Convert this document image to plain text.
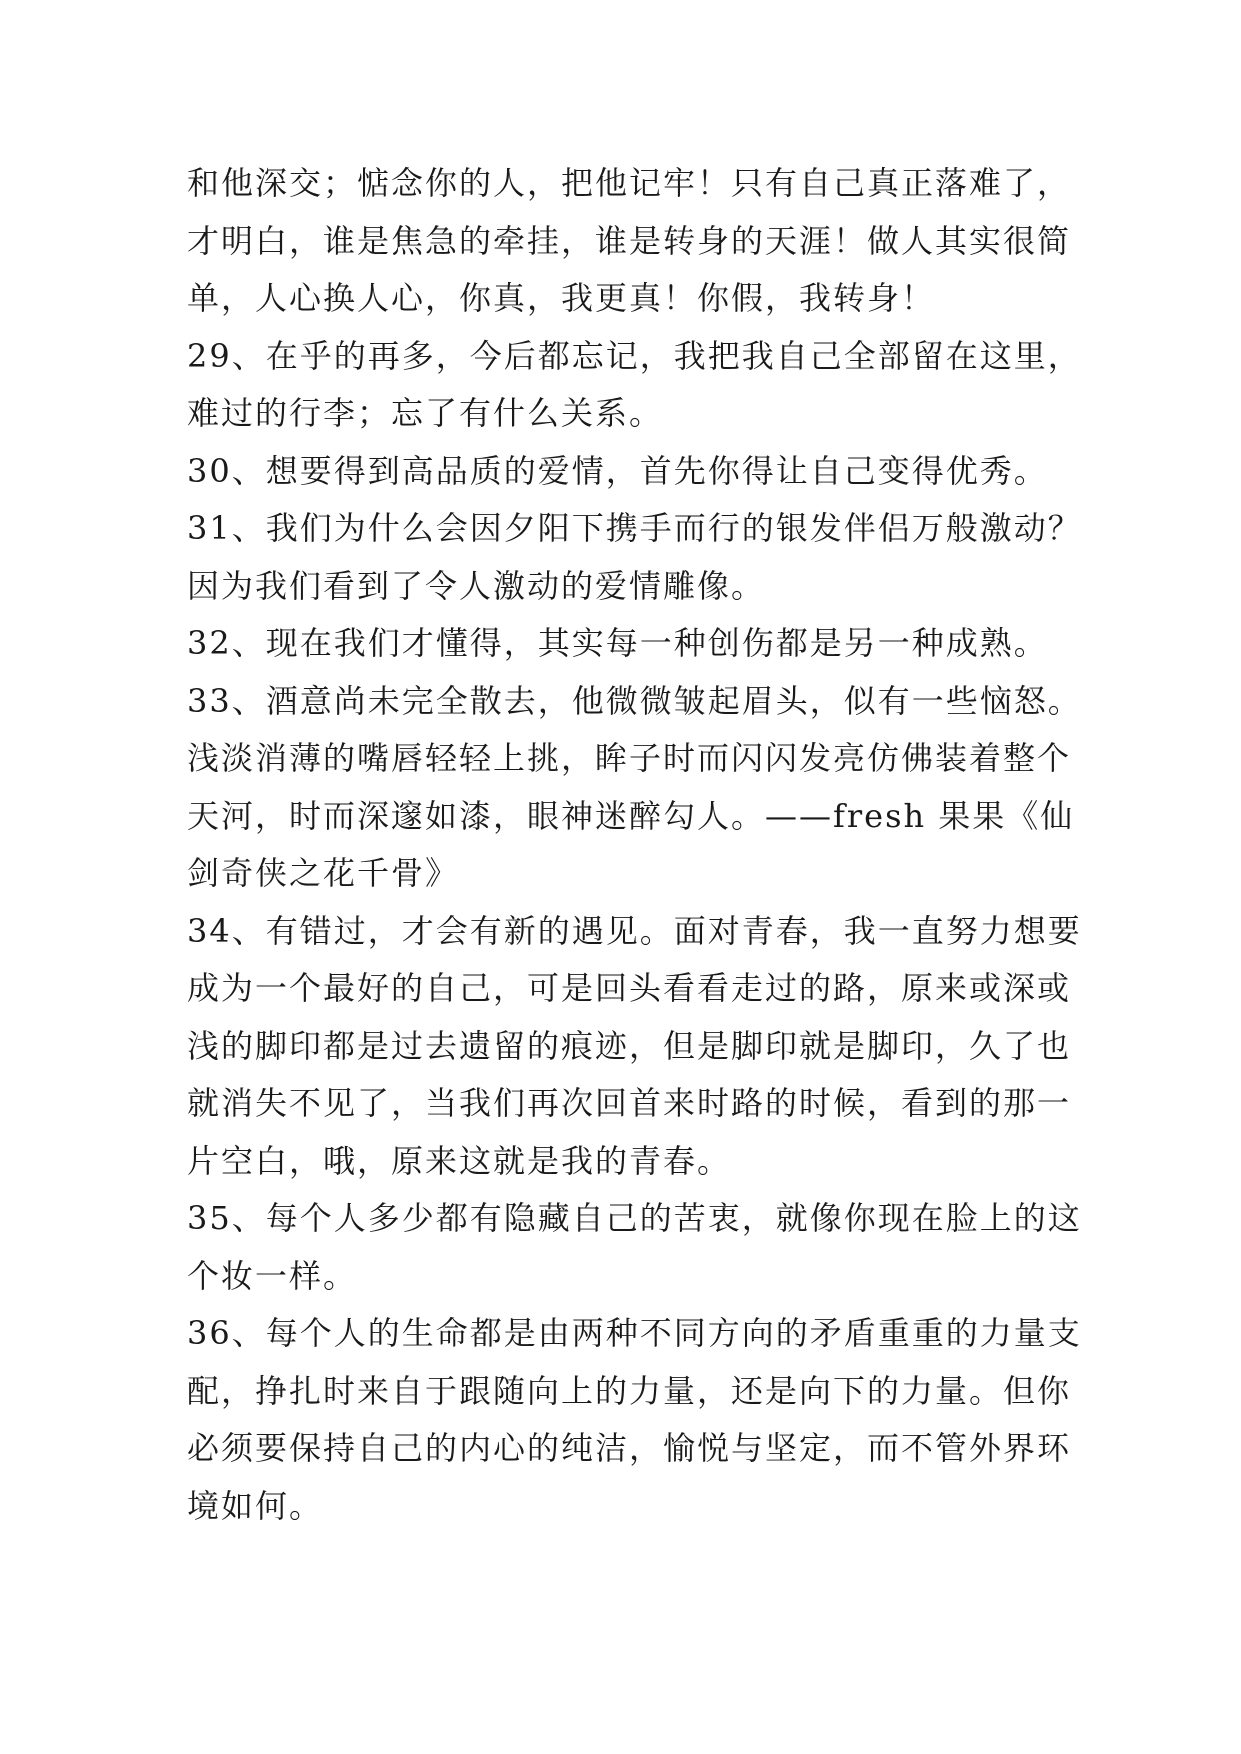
和他深交；惦念你的人，把他记牢！只有自己真正落难了，
才明白，谁是焦急的牵挂，谁是转身的天涯！做人其实很简
单，人心换人心，你真，我更真！你假，我转身！
29、在乎的再多，今后都忘记，我把我自己全部留在这里，
难过的行李；忘了有什么关系。
30、想要得到高品质的爱情，首先你得让自己变得优秀。
31、我们为什么会因夕阳下携手而行的银发伴侣万般激动？
因为我们看到了令人激动的爱情雕像。
32、现在我们才懂得，其实每一种创伤都是另一种成熟。
33、酒意尚未完全散去，他微微皱起眉头，似有一些恼怒。
浅淡消薄的嘴唇轻轻上挑，眸子时而闪闪发亮仿佛装着整个
天河，时而深邃如漆，眼神迷醉勾人。——fresh 果果《仙
剑奇侠之花千骨》
34、有错过，才会有新的遇见。面对青春，我一直努力想要
成为一个最好的自己，可是回头看看走过的路，原来或深或
浅的脚印都是过去遗留的痕迹，但是脚印就是脚印，久了也
就消失不见了，当我们再次回首来时路的时候，看到的那一
片空白，哦，原来这就是我的青春。
35、每个人多少都有隐藏自己的苦衷，就像你现在脸上的这
个妆一样。
36、每个人的生命都是由两种不同方向的矛盾重重的力量支
配，挣扎时来自于跟随向上的力量，还是向下的力量。但你
必须要保持自己的内心的纯洁，愉悦与坚定，而不管外界环
境如何。
